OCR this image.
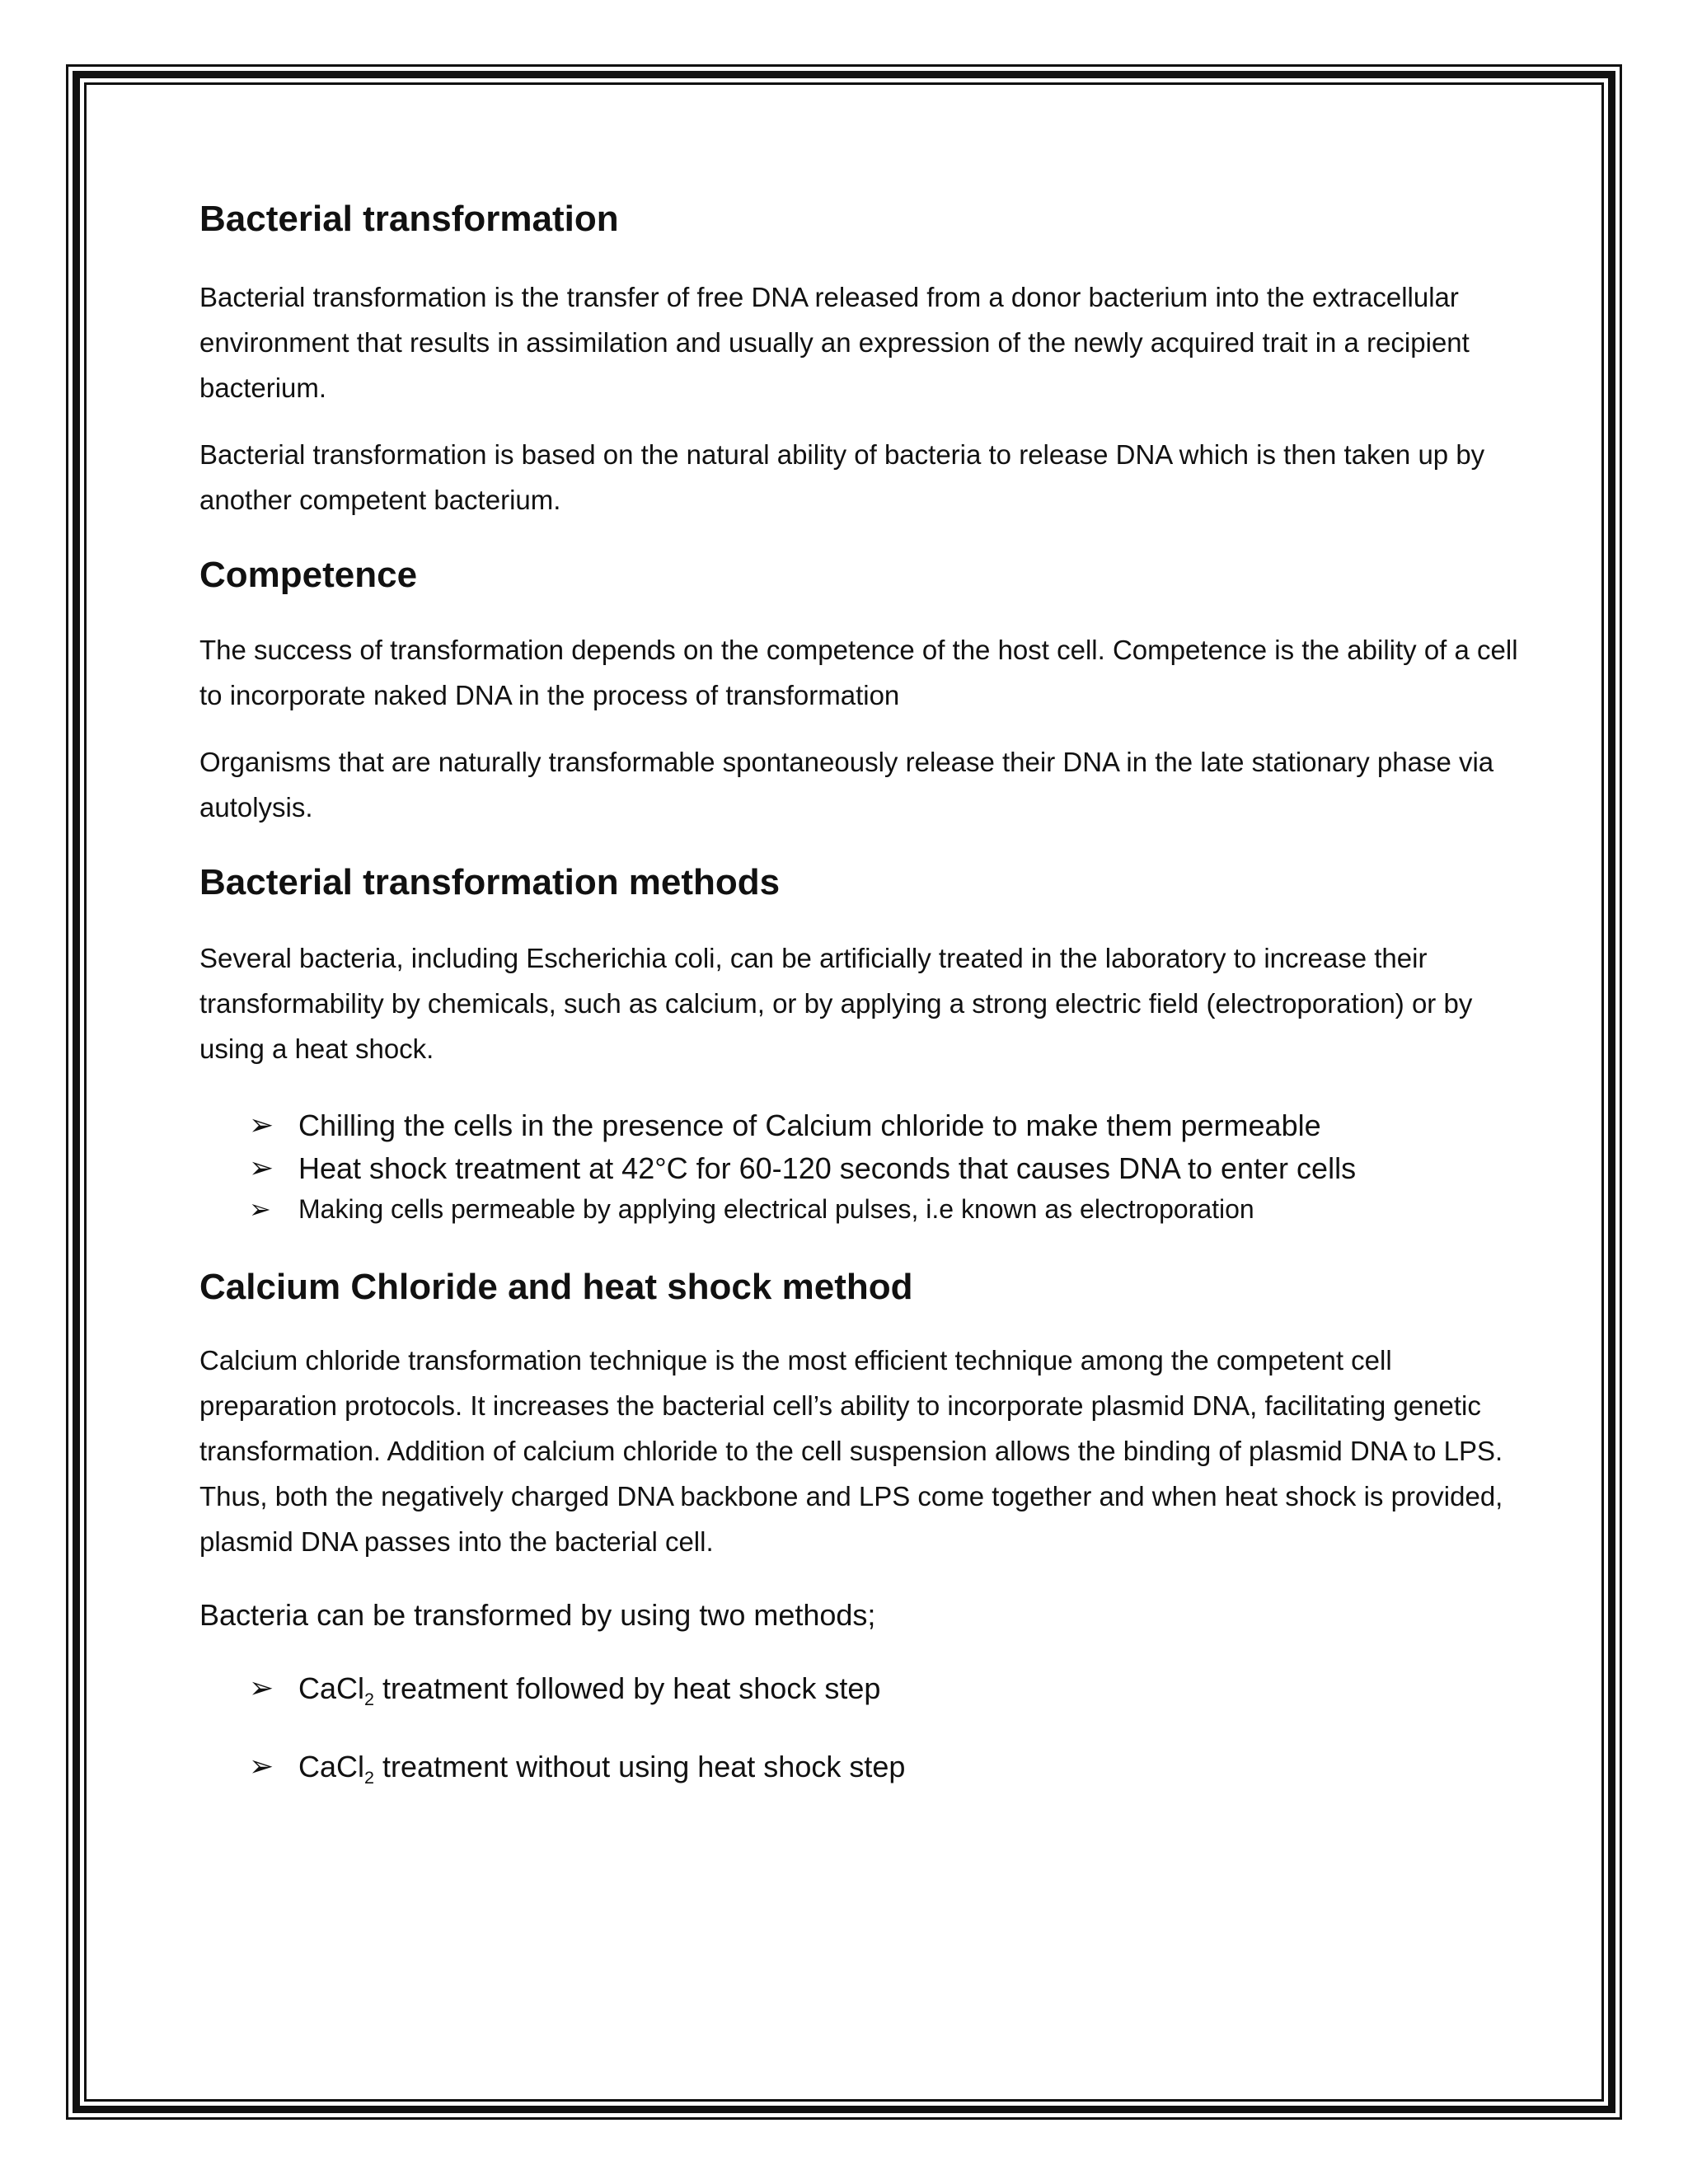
Bacterial transformation

Bacterial transformation is the transfer of free DNA released from a donor bacterium into the extracellular environment that results in assimilation and usually an expression of the newly acquired trait in a recipient bacterium.

Bacterial transformation is based on the natural ability of bacteria to release DNA which is then taken up by another competent bacterium.

Competence

The success of transformation depends on the competence of the host cell. Competence is the ability of a cell to incorporate naked DNA in the process of transformation

Organisms that are naturally transformable spontaneously release their DNA in the late stationary phase via autolysis.

Bacterial transformation methods

Several bacteria, including Escherichia coli, can be artificially treated in the laboratory to increase their transformability by chemicals, such as calcium, or by applying a strong electric field (electroporation) or by using a heat shock.

➢ Chilling the cells in the presence of Calcium chloride to make them permeable
➢ Heat shock treatment at 42°C for 60-120 seconds that causes DNA to enter cells
➢ Making cells permeable by applying electrical pulses, i.e known as electroporation
Calcium Chloride and heat shock method

Calcium chloride transformation technique is the most efficient technique among the competent cell preparation protocols. It increases the bacterial cell’s ability to incorporate plasmid DNA, facilitating genetic transformation. Addition of calcium chloride to the cell suspension allows the binding of plasmid DNA to LPS. Thus, both the negatively charged DNA backbone and LPS come together and when heat shock is provided, plasmid DNA passes into the bacterial cell.

Bacteria can be transformed by using two methods;

➢ CaCl$_2$ treatment followed by heat shock step
➢ CaCl$_2$ treatment without using heat shock step
